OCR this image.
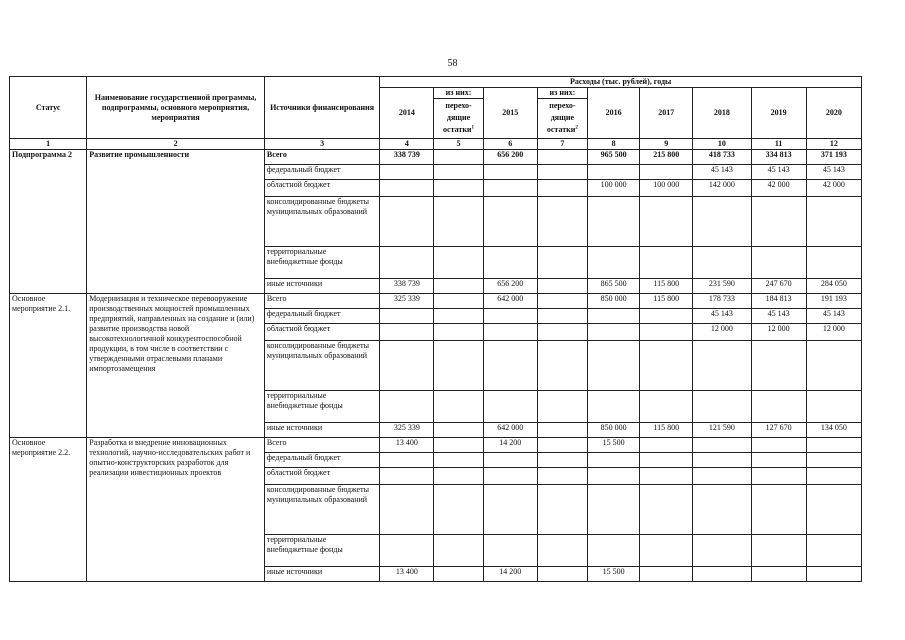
58
Статус	Наименование государственной программы, подпрограммы, основного мероприятия, мероприятия	Источники финансирования	Расходы (тыс. рублей), годы								
			2014	из них:	2015	из них:	2016	2017	2018	2019	2020
				перехо-дящие остатки$^1$		перехо-дящие остатки$^2$

1	2	3	4	5	6	7	8	9	10	11	12
Подпрограмма 2	Развитие промышленности	Всего	338 739		656 200		965 500	215 800	418 733	334 813	371 193
		федеральный бюджет							45 143	45 143	45 143
		областной бюджет					100 000	100 000	142 000	42 000	42 000
		консолидированные бюджеты муниципальных образований									
		территориальные внебюджетные фонды									
		иные источники	338 739		656 200		865 500	115 800	231 590	247 670	284 050
Основное мероприятие 2.1.	Модернизация и техническое перевооружение производственных мощностей промышленных предприятий, направленных на создание и (или) развитие производства новой высокотехнологичной конкурентоспособной продукции, в том числе в соответствии с утвержденными отраслевыми планами импортозамещения	Всего	325 339		642 000		850 000	115 800	178 733	184 813	191 193
		федеральный бюджет							45 143	45 143	45 143
		областной бюджет							12 000	12 000	12 000
		консолидированные бюджеты муниципальных образований									
		территориальные внебюджетные фонды									
		иные источники	325 339		642 000		850 000	115 800	121 590	127 670	134 050
Основное мероприятие 2.2.	Разработка и внедрение инновационных технологий, научно-исследовательских работ и опытно-конструкторских разработок для реализации инвестиционных проектов	Всего	13 400		14 200		15 500				
		федеральный бюджет									
		областной бюджет									
		консолидированные бюджеты муниципальных образований									
		территориальные внебюджетные фонды									
		иные источники	13 400		14 200		15 500				
